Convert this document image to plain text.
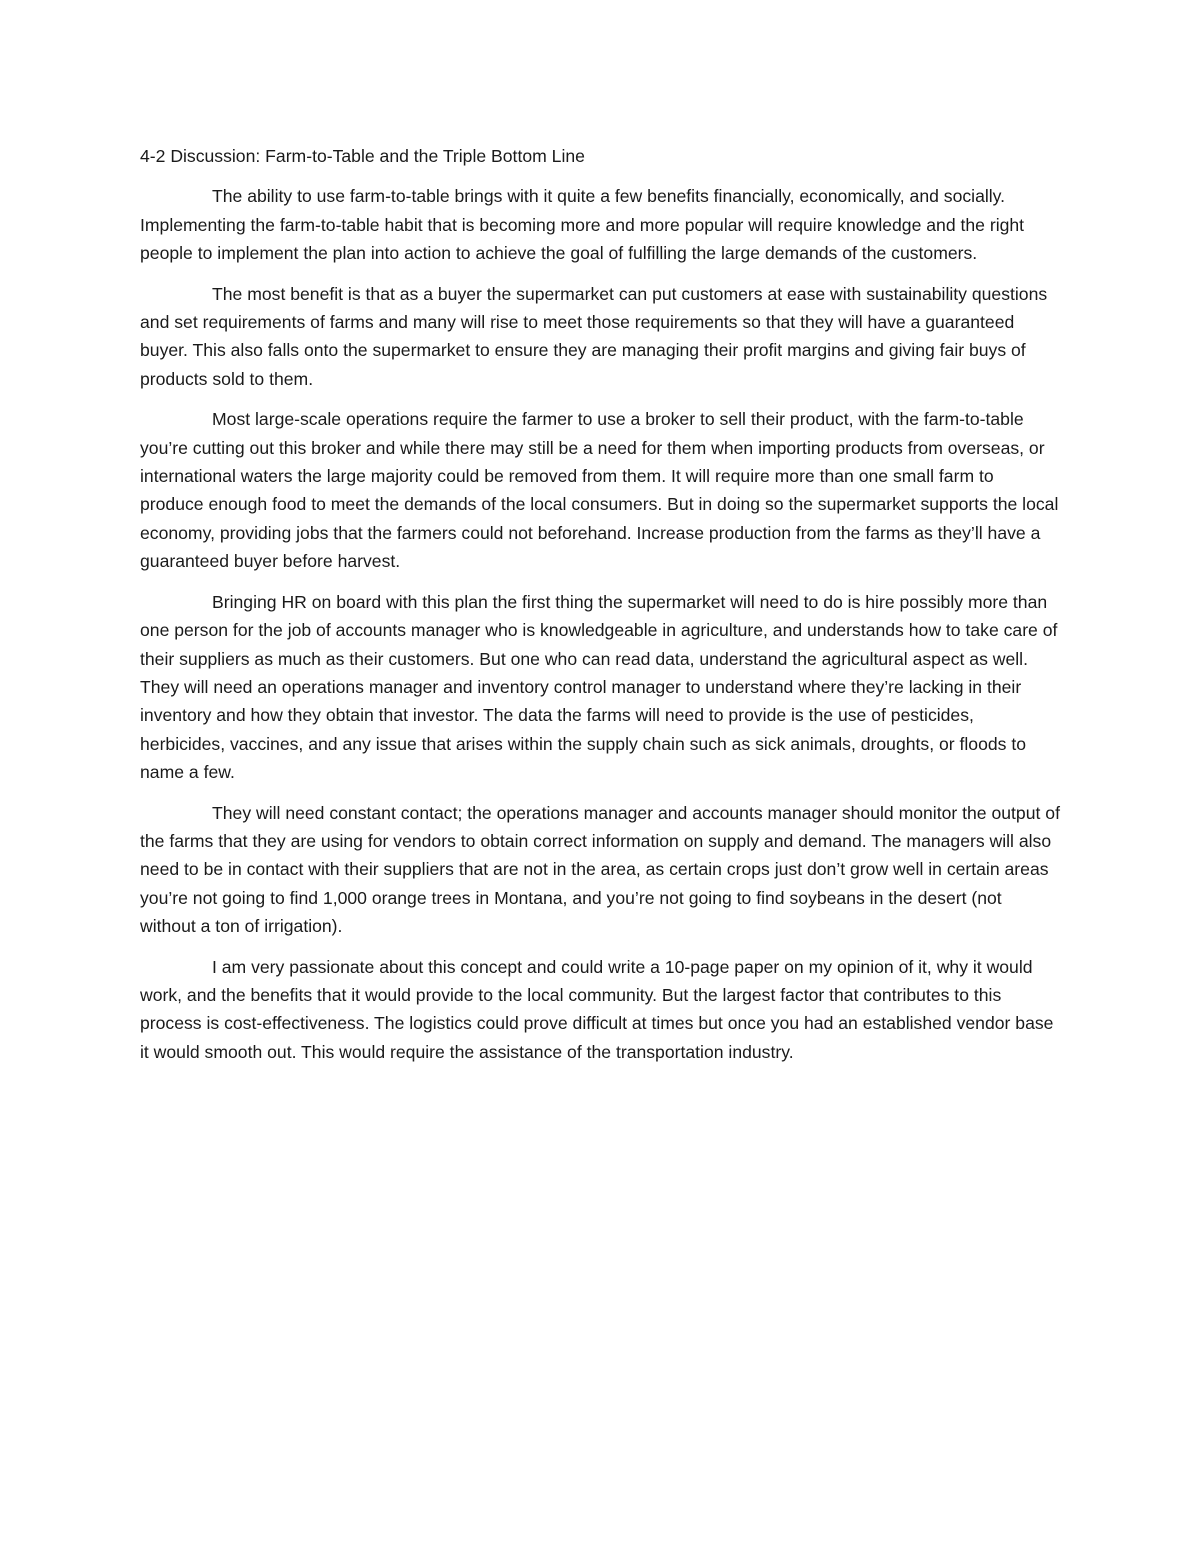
4-2 Discussion: Farm-to-Table and the Triple Bottom Line

The ability to use farm-to-table brings with it quite a few benefits financially, economically, and socially. Implementing the farm-to-table habit that is becoming more and more popular will require knowledge and the right people to implement the plan into action to achieve the goal of fulfilling the large demands of the customers.

The most benefit is that as a buyer the supermarket can put customers at ease with sustainability questions and set requirements of farms and many will rise to meet those requirements so that they will have a guaranteed buyer. This also falls onto the supermarket to ensure they are managing their profit margins and giving fair buys of products sold to them.

Most large-scale operations require the farmer to use a broker to sell their product, with the farm-to-table you’re cutting out this broker and while there may still be a need for them when importing products from overseas, or international waters the large majority could be removed from them. It will require more than one small farm to produce enough food to meet the demands of the local consumers. But in doing so the supermarket supports the local economy, providing jobs that the farmers could not beforehand. Increase production from the farms as they’ll have a guaranteed buyer before harvest.

Bringing HR on board with this plan the first thing the supermarket will need to do is hire possibly more than one person for the job of accounts manager who is knowledgeable in agriculture, and understands how to take care of their suppliers as much as their customers. But one who can read data, understand the agricultural aspect as well. They will need an operations manager and inventory control manager to understand where they’re lacking in their inventory and how they obtain that investor. The data the farms will need to provide is the use of pesticides, herbicides, vaccines, and any issue that arises within the supply chain such as sick animals, droughts, or floods to name a few.

They will need constant contact; the operations manager and accounts manager should monitor the output of the farms that they are using for vendors to obtain correct information on supply and demand. The managers will also need to be in contact with their suppliers that are not in the area, as certain crops just don’t grow well in certain areas you’re not going to find 1,000 orange trees in Montana, and you’re not going to find soybeans in the desert (not without a ton of irrigation).

I am very passionate about this concept and could write a 10-page paper on my opinion of it, why it would work, and the benefits that it would provide to the local community. But the largest factor that contributes to this process is cost-effectiveness. The logistics could prove difficult at times but once you had an established vendor base it would smooth out. This would require the assistance of the transportation industry.
